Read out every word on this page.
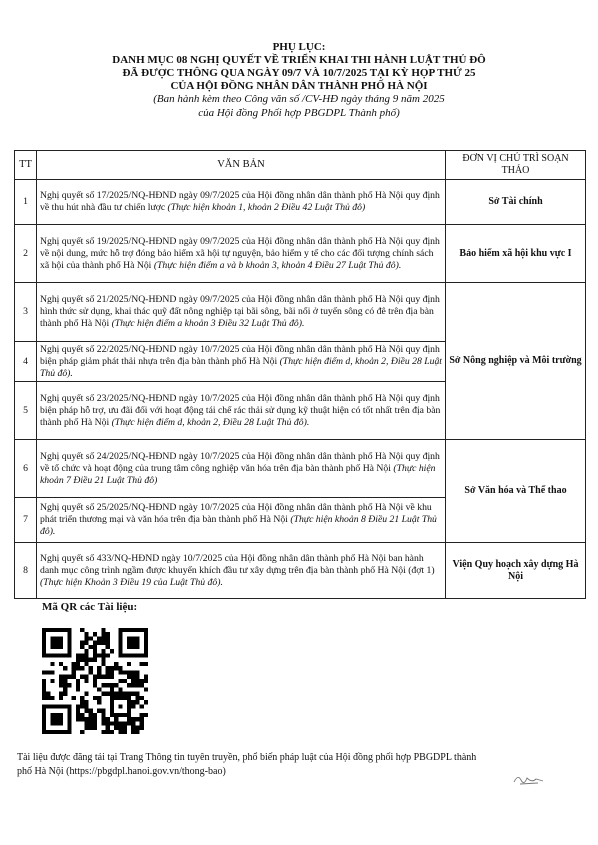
PHỤ LỤC:
DANH MỤC 08 NGHỊ QUYẾT VỀ TRIỂN KHAI THI HÀNH LUẬT THỦ ĐÔ
ĐÃ ĐƯỢC THÔNG QUA NGÀY 09/7 VÀ 10/7/2025 TẠI KỲ HỌP THỨ 25
CỦA HỘI ĐỒNG NHÂN DÂN THÀNH PHỐ HÀ NỘI
(Ban hành kèm theo Công văn số /CV-HĐ ngày tháng 9 năm 2025
của Hội đồng Phối hợp PBGDPL Thành phố)
TT	VĂN BẢN	ĐƠN VỊ CHỦ TRÌ SOẠN THẢO
1	Nghị quyết số 17/2025/NQ-HĐND ngày 09/7/2025 của Hội đồng nhân dân thành phố Hà Nội quy định về thu hút nhà đầu tư chiến lược (Thực hiện khoản 1, khoản 2 Điều 42 Luật Thủ đô)	Sở Tài chính
2	Nghị quyết số 19/2025/NQ-HĐND ngày 09/7/2025 của Hội đồng nhân dân thành phố Hà Nội quy định về nội dung, mức hỗ trợ đóng bảo hiểm xã hội tự nguyện, bảo hiểm y tế cho các đối tượng chính sách xã hội của thành phố Hà Nội (Thực hiện điểm a và b khoản 3, khoản 4 Điều 27 Luật Thủ đô).	Bảo hiểm xã hội khu vực I
3	Nghị quyết số 21/2025/NQ-HĐND ngày 09/7/2025 của Hội đồng nhân dân thành phố Hà Nội quy định hình thức sử dụng, khai thác quỹ đất nông nghiệp tại bãi sông, bãi nổi ở tuyến sông có đê trên địa bàn thành phố Hà Nội (Thực hiện điểm a khoản 3 Điều 32 Luật Thủ đô).	Sở Nông nghiệp và Môi trường
4	Nghị quyết số 22/2025/NQ-HĐND ngày 10/7/2025 của Hội đồng nhân dân thành phố Hà Nội quy định biện pháp giảm phát thải nhựa trên địa bàn thành phố Hà Nội (Thực hiện điểm d, khoản 2, Điều 28 Luật Thủ đô).	
5	Nghị quyết số 23/2025/NQ-HĐND ngày 10/7/2025 của Hội đồng nhân dân thành phố Hà Nội quy định biện pháp hỗ trợ, ưu đãi đối với hoạt động tái chế rác thải sử dụng kỹ thuật hiện có tốt nhất trên địa bàn thành phố Hà Nội (Thực hiện điểm d, khoản 2, Điều 28 Luật Thủ đô).	
6	Nghị quyết số 24/2025/NQ-HĐND ngày 10/7/2025 của Hội đồng nhân dân thành phố Hà Nội quy định về tổ chức và hoạt động của trung tâm công nghiệp văn hóa trên địa bàn thành phố Hà Nội (Thực hiện khoản 7 Điều 21 Luật Thủ đô)	Sở Văn hóa và Thể thao
7	Nghị quyết số 25/2025/NQ-HĐND ngày 10/7/2025 của Hội đồng nhân dân thành phố Hà Nội về khu phát triển thương mại và văn hóa trên địa bàn thành phố Hà Nội (Thực hiện khoản 8 Điều 21 Luật Thủ đô).	
8	Nghị quyết số 433/NQ-HĐND ngày 10/7/2025 của Hội đồng nhân dân thành phố Hà Nội ban hành danh mục công trình ngầm được khuyến khích đầu tư xây dựng trên địa bàn thành phố Hà Nội (đợt 1) (Thực hiện Khoản 3 Điều 19 của Luật Thủ đô).	Viện Quy hoạch xây dựng Hà Nội
Mã QR các Tài liệu:
Tài liệu được đăng tải tại Trang Thông tin tuyên truyền, phổ biến pháp luật của Hội đồng phối hợp PBGDPL thành phố Hà Nội (https://pbgdpl.hanoi.gov.vn/thong-bao)
